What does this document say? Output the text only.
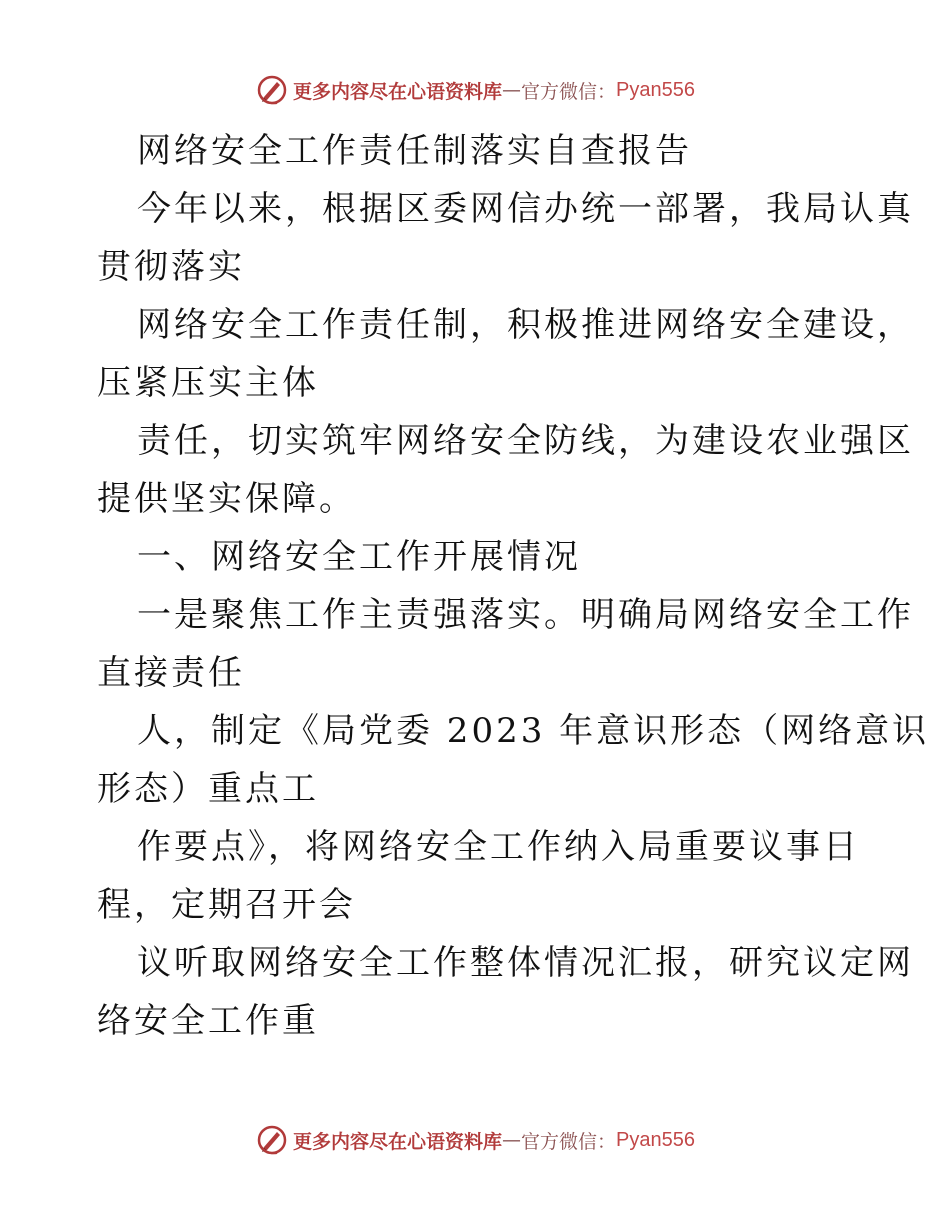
更多内容尽在心语资料库 — 官方微信： Pyan556
网络安全工作责任制落实自查报告
今年以来，根据区委网信办统一部署，我局认真
贯彻落实
网络安全工作责任制，积极推进网络安全建设，
压紧压实主体
责任，切实筑牢网络安全防线，为建设农业强区
提供坚实保障。
一、网络安全工作开展情况
一是聚焦工作主责强落实。明确局网络安全工作
直接责任
人，制定《局党委 2023 年意识形态（网络意识
形态）重点工
作要点》，将网络安全工作纳入局重要议事日
程，定期召开会
议听取网络安全工作整体情况汇报，研究议定网
络安全工作重
更多内容尽在心语资料库 — 官方微信： Pyan556
